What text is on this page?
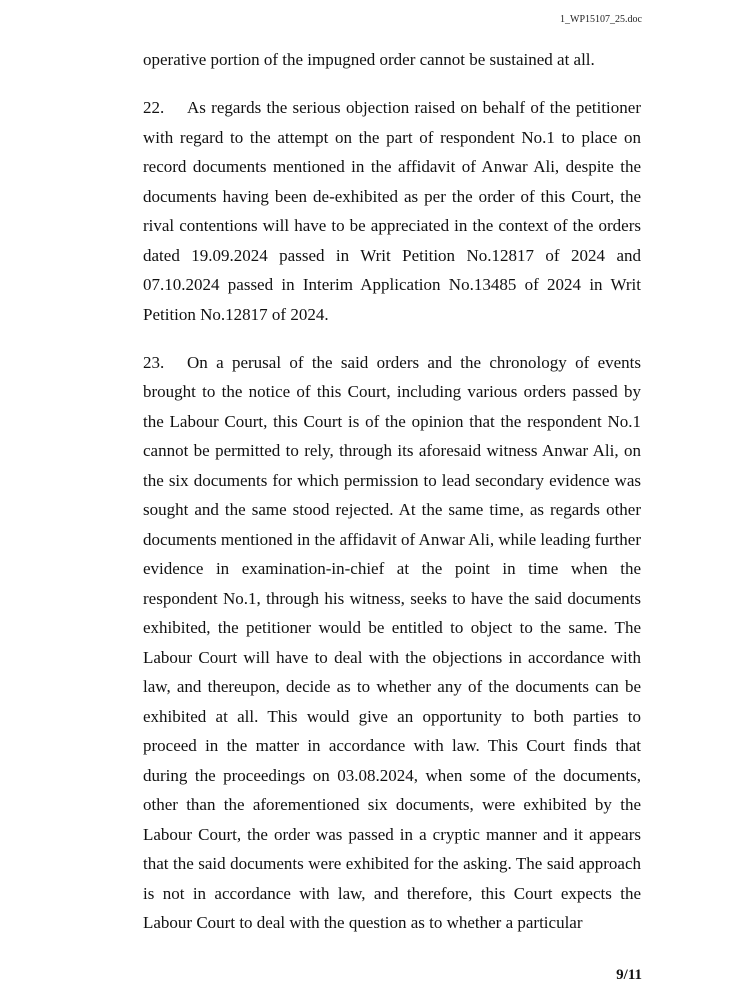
1_WP15107_25.doc

operative portion of the impugned order cannot be sustained at all.

22. As regards the serious objection raised on behalf of the petitioner with regard to the attempt on the part of respondent No.1 to place on record documents mentioned in the affidavit of Anwar Ali, despite the documents having been de-exhibited as per the order of this Court, the rival contentions will have to be appreciated in the context of the orders dated 19.09.2024 passed in Writ Petition No.12817 of 2024 and 07.10.2024 passed in Interim Application No.13485 of 2024 in Writ Petition No.12817 of 2024.

23. On a perusal of the said orders and the chronology of events brought to the notice of this Court, including various orders passed by the Labour Court, this Court is of the opinion that the respondent No.1 cannot be permitted to rely, through its aforesaid witness Anwar Ali, on the six documents for which permission to lead secondary evidence was sought and the same stood rejected. At the same time, as regards other documents mentioned in the affidavit of Anwar Ali, while leading further evidence in examination-in-chief at the point in time when the respondent No.1, through his witness, seeks to have the said documents exhibited, the petitioner would be entitled to object to the same. The Labour Court will have to deal with the objections in accordance with law, and thereupon, decide as to whether any of the documents can be exhibited at all. This would give an opportunity to both parties to proceed in the matter in accordance with law. This Court finds that during the proceedings on 03.08.2024, when some of the documents, other than the aforementioned six documents, were exhibited by the Labour Court, the order was passed in a cryptic manner and it appears that the said documents were exhibited for the asking. The said approach is not in accordance with law, and therefore, this Court expects the Labour Court to deal with the question as to whether a particular

9/11
